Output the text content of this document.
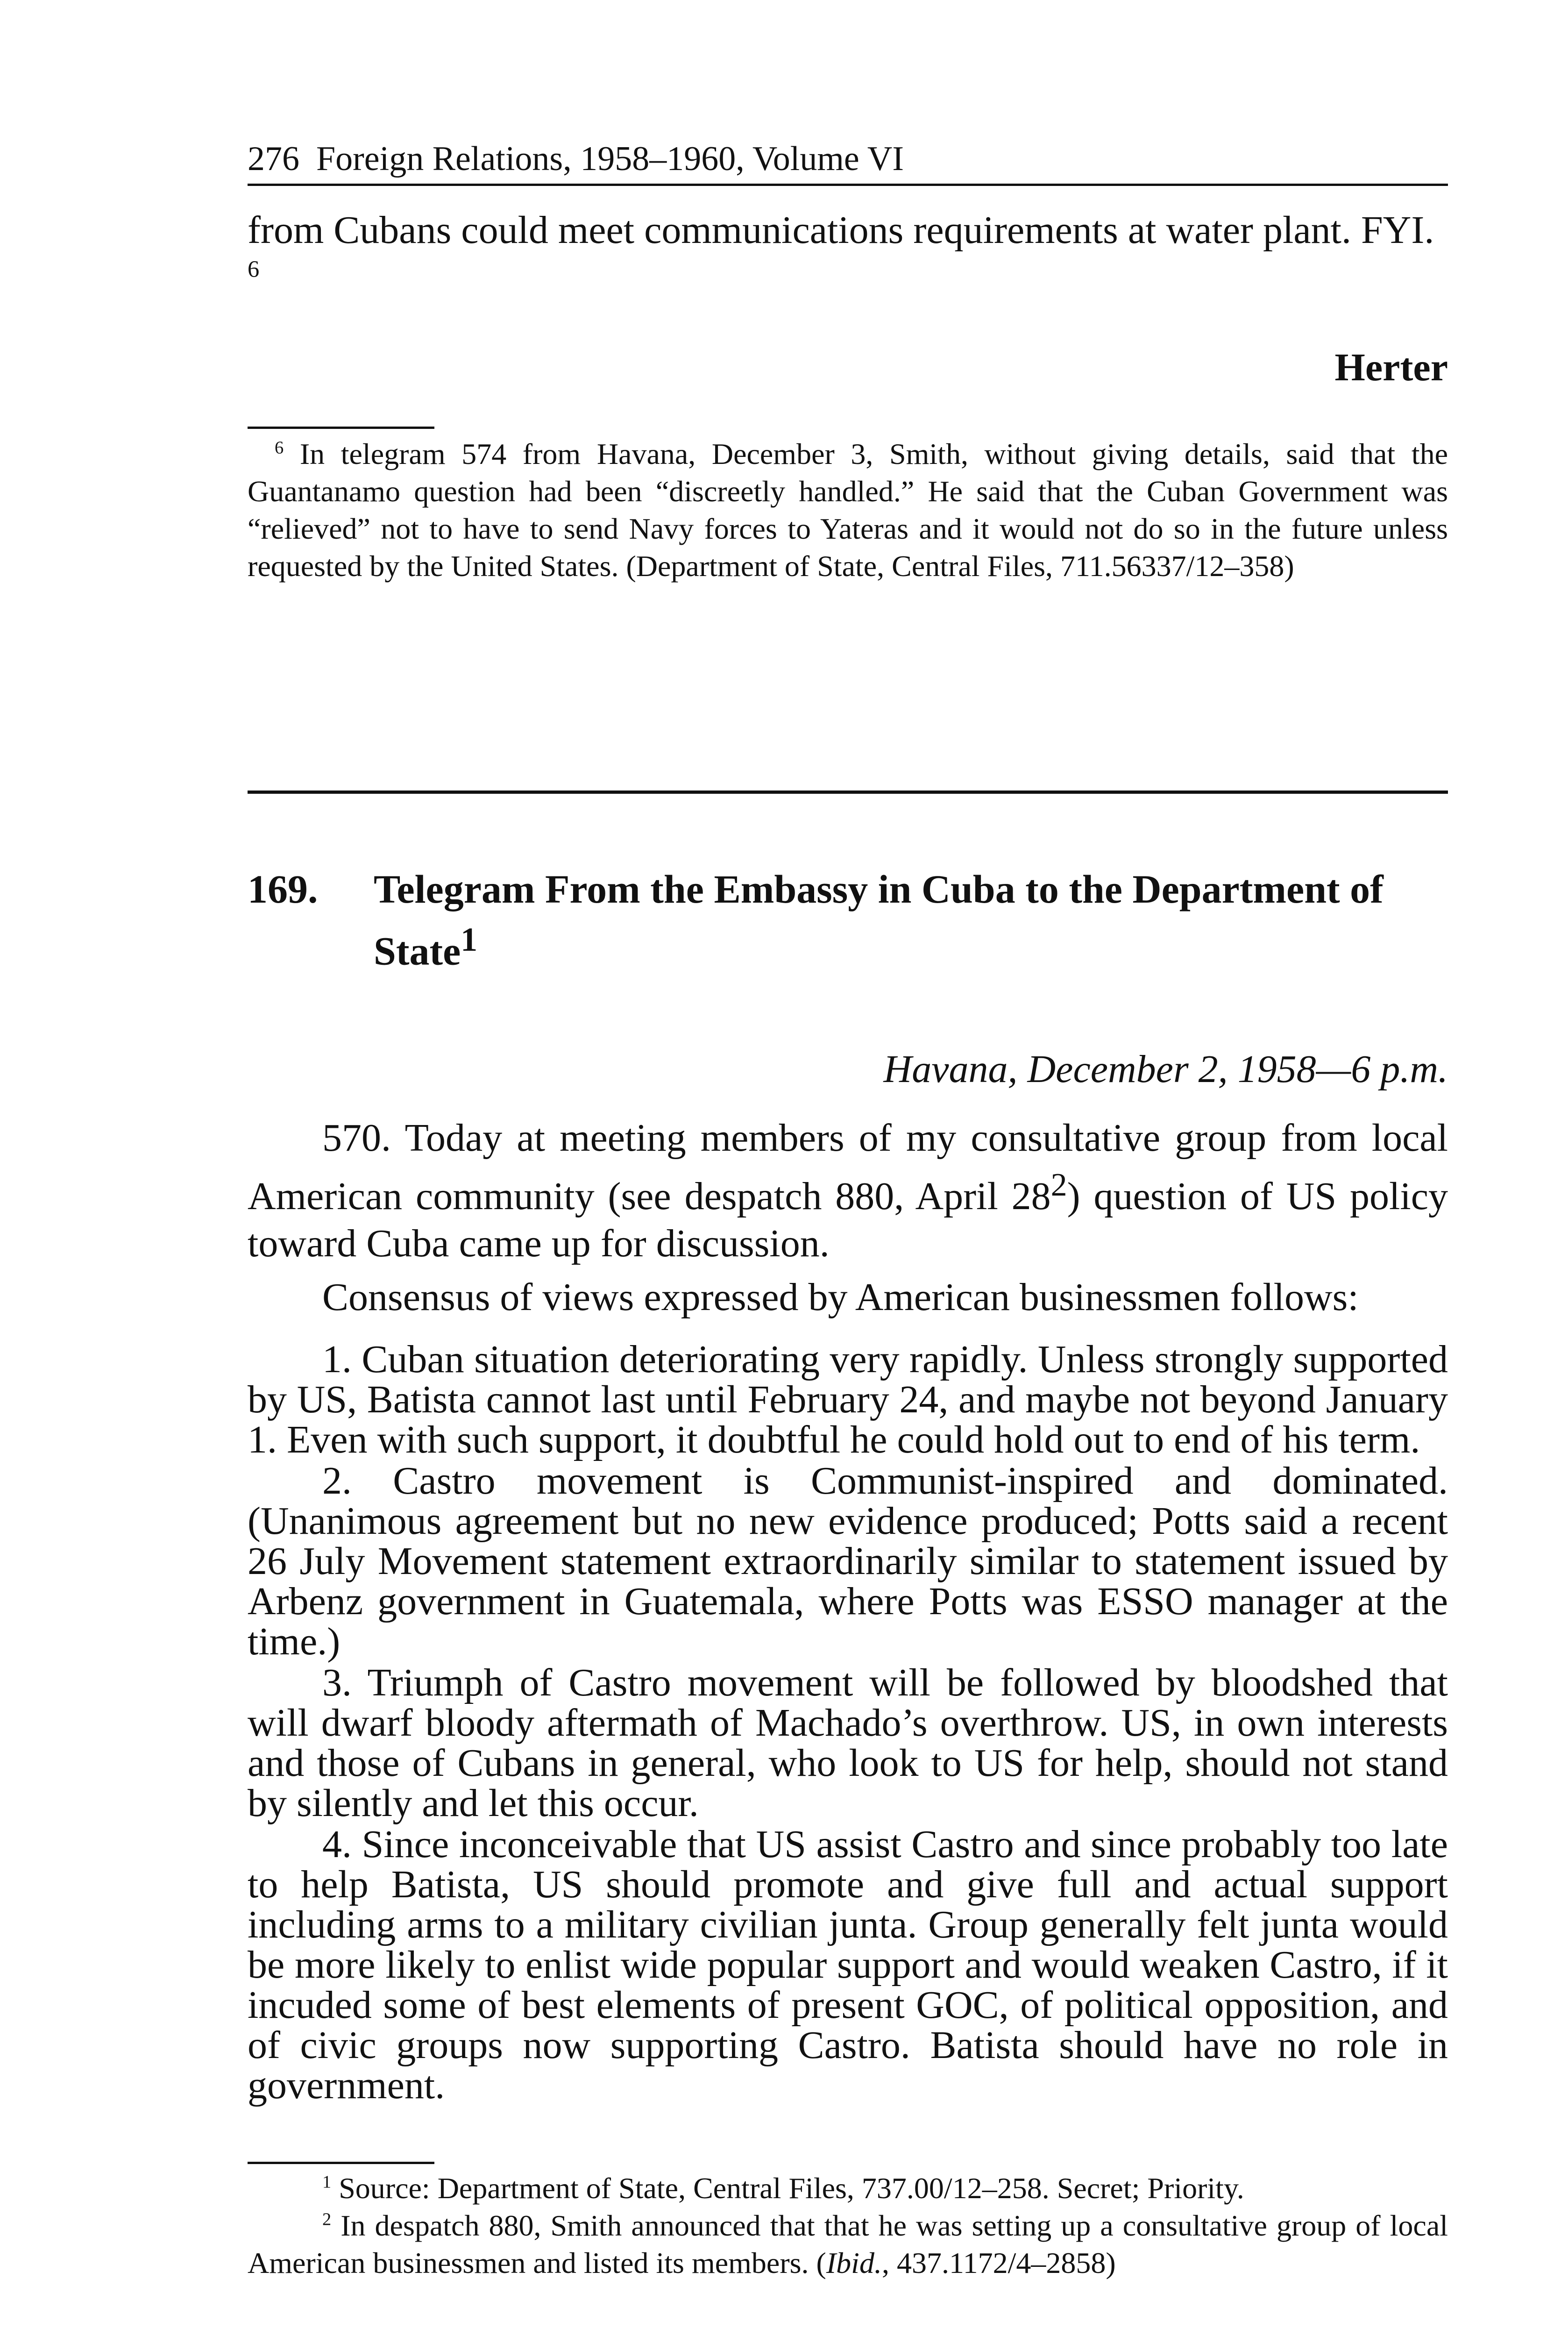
276 Foreign Relations, 1958–1960, Volume VI
from Cubans could meet communications requirements at water plant. FYI. $^6$
Herter
$^6$ In telegram 574 from Havana, December 3, Smith, without giving details, said that the Guantanamo question had been “discreetly handled.” He said that the Cuban Government was “relieved” not to have to send Navy forces to Yateras and it would not do so in the future unless requested by the United States. (Department of State, Central Files, 711.56337/12–358)
169.	Telegram From the Embassy in Cuba to the Department of State$^1$
Havana, December 2, 1958—6 p.m.

570. Today at meeting members of my consultative group from local American community (see despatch 880, April $28^2$) question of US policy toward Cuba came up for discussion.

Consensus of views expressed by American businessmen follows:

1. Cuban situation deteriorating very rapidly. Unless strongly supported by US, Batista cannot last until February 24, and maybe not beyond January 1. Even with such support, it doubtful he could hold out to end of his term.

2. Castro movement is Communist-inspired and dominated. (Unanimous agreement but no new evidence produced; Potts said a recent 26 July Movement statement extraordinarily similar to statement issued by Arbenz government in Guatemala, where Potts was ESSO manager at the time.)

3. Triumph of Castro movement will be followed by bloodshed that will dwarf bloody aftermath of Machado’s overthrow. US, in own interests and those of Cubans in general, who look to US for help, should not stand by silently and let this occur.

4. Since inconceivable that US assist Castro and since probably too late to help Batista, US should promote and give full and actual support including arms to a military civilian junta. Group generally felt junta would be more likely to enlist wide popular support and would weaken Castro, if it incuded some of best elements of present GOC, of political opposition, and of civic groups now supporting Castro. Batista should have no role in government.

$^1$ Source: Department of State, Central Files, 737.00/12–258. Secret; Priority.
$^2$ In despatch 880, Smith announced that that he was setting up a consultative group of local American businessmen and listed its members. (Ibid., 437.1172/4–2858)
